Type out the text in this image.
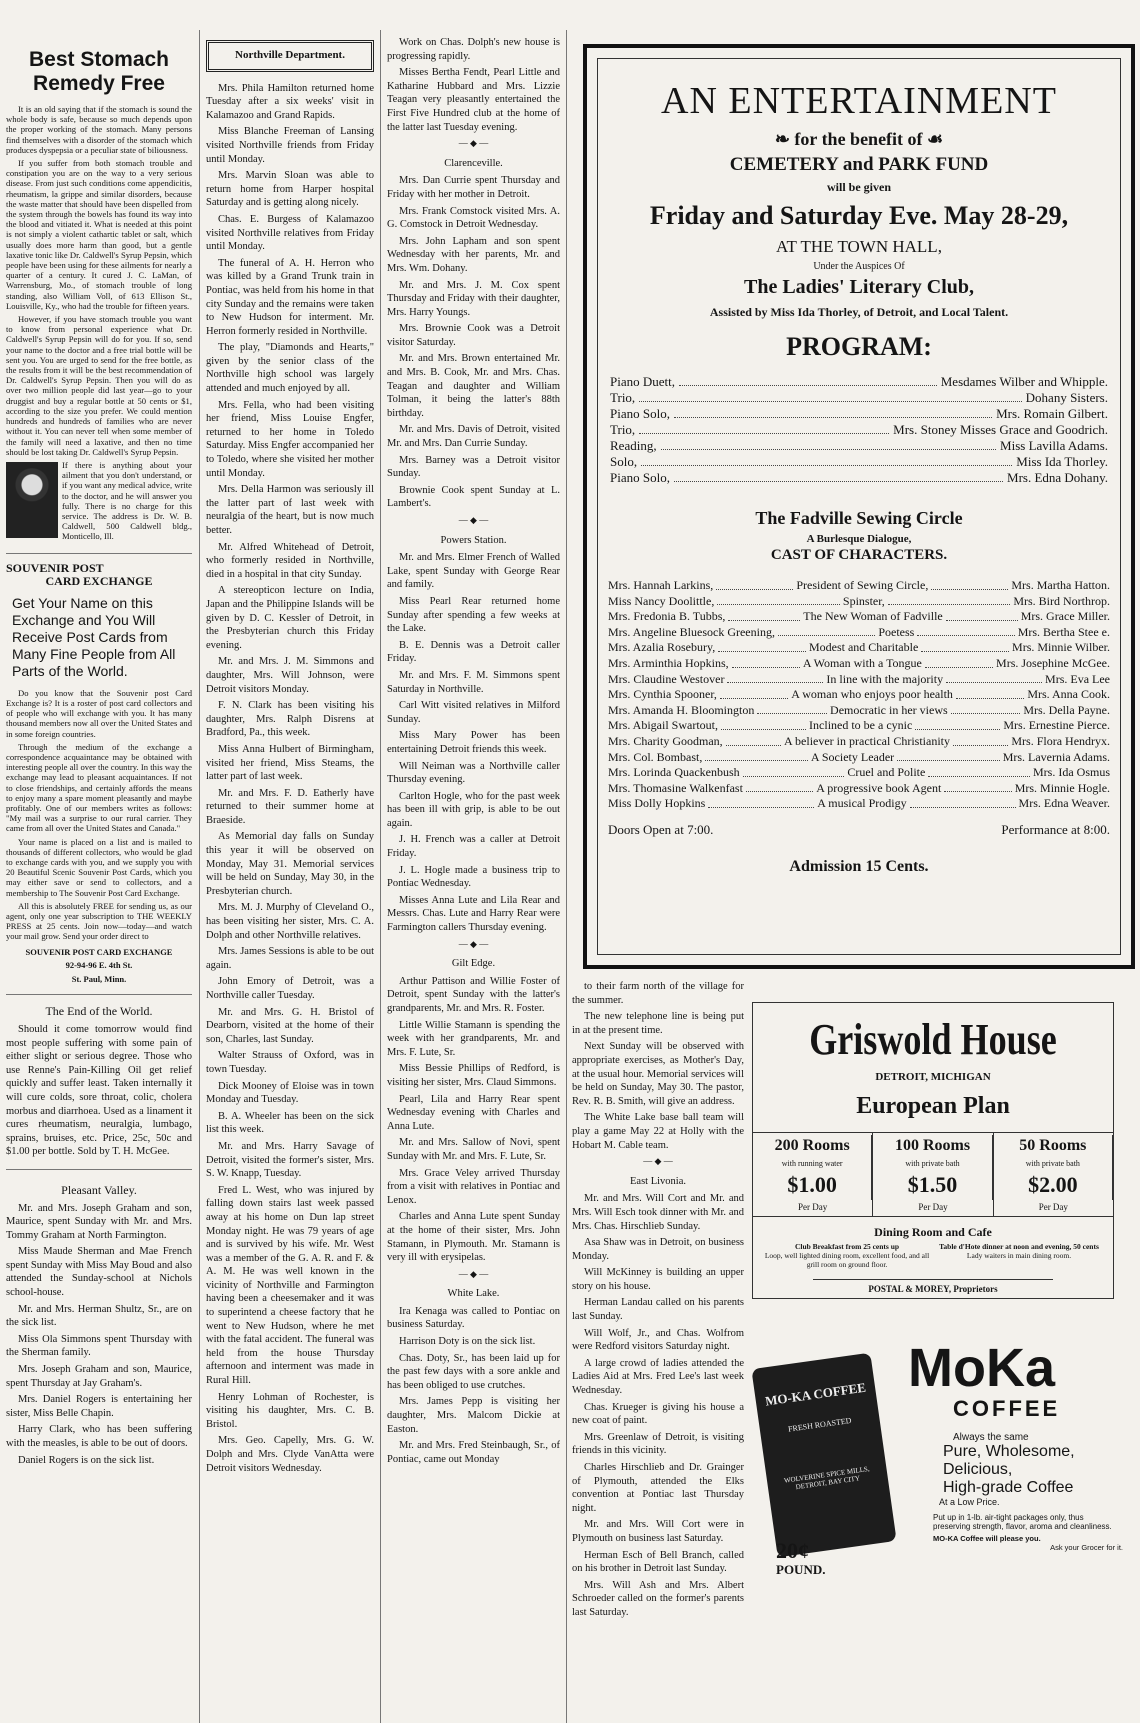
Best Stomach Remedy Free

It is an old saying that if the stomach is sound the whole body is safe, because so much depends upon the proper working of the stomach. Many persons find themselves with a disorder of the stomach which produces dyspepsia or a peculiar state of biliousness.

If you suffer from both stomach trouble and constipation you are on the way to a very serious disease. From just such conditions come appendicitis, rheumatism, la grippe and similar disorders, because the waste matter that should have been dispelled from the system through the bowels has found its way into the blood and vitiated it. What is needed at this point is not simply a violent cathartic tablet or salt, which usually does more harm than good, but a gentle laxative tonic like Dr. Caldwell's Syrup Pepsin, which people have been using for these ailments for nearly a quarter of a century. It cured J. C. LaMan, of Warrensburg, Mo., of stomach trouble of long standing, also William Voll, of 613 Ellison St., Louisville, Ky., who had the trouble for fifteen years.

However, if you have stomach trouble you want to know from personal experience what Dr. Caldwell's Syrup Pepsin will do for you. If so, send your name to the doctor and a free trial bottle will be sent you. You are urged to send for the free bottle, as the results from it will be the best recommendation of Dr. Caldwell's Syrup Pepsin. Then you will do as over two million people did last year—go to your druggist and buy a regular bottle at 50 cents or $1, according to the size you prefer. We could mention hundreds and hundreds of families who are never without it. You can never tell when some member of the family will need a laxative, and then no time should be lost taking Dr. Caldwell's Syrup Pepsin.

If there is anything about your ailment that you don't understand, or if you want any medical advice, write to the doctor, and he will answer you fully. There is no charge for this service. The address is Dr. W. B. Caldwell, 500 Caldwell bldg., Monticello, Ill.

SOUVENIR POST
CARD EXCHANGE
Get Your Name on this Exchange and You Will Receive Post Cards from Many Fine People from All Parts of the World.

Do you know that the Souvenir post Card Exchange is? It is a roster of post card collectors and of people who will exchange with you. It has many thousand members now all over the United States and in some foreign countries.

Through the medium of the exchange a correspondence acquaintance may be obtained with interesting people all over the country. In this way the exchange may lead to pleasant acquaintances. If not to close friendships, and certainly affords the means to enjoy many a spare moment pleasantly and maybe profitably. One of our members writes as follows: "My mail was a surprise to our rural carrier. They came from all over the United States and Canada."

Your name is placed on a list and is mailed to thousands of different collectors, who would be glad to exchange cards with you, and we supply you with 20 Beautiful Scenic Souvenir Post Cards, which you may either save or send to collectors, and a membership to The Souvenir Post Card Exchange.

All this is absolutely FREE for sending us, as our agent, only one year subscription to THE WEEKLY PRESS at 25 cents. Join now—today—and watch your mail grow. Send your order direct to

SOUVENIR POST CARD EXCHANGE
92-94-96 E. 4th St.
St. Paul, Minn.
The End of the World.

Should it come tomorrow would find most people suffering with some pain of either slight or serious degree. Those who use Renne's Pain-Killing Oil get relief quickly and suffer least. Taken internally it will cure colds, sore throat, colic, cholera morbus and diarrhoea. Used as a linament it cures rheumatism, neuralgia, lumbago, sprains, bruises, etc. Price, 25c, 50c and $1.00 per bottle. Sold by T. H. McGee.

Pleasant Valley.

Mr. and Mrs. Joseph Graham and son, Maurice, spent Sunday with Mr. and Mrs. Tommy Graham at North Farmington.

Miss Maude Sherman and Mae French spent Sunday with Miss May Boud and also attended the Sunday-school at Nichols school-house.

Mr. and Mrs. Herman Shultz, Sr., are on the sick list.

Miss Ola Simmons spent Thursday with the Sherman family.

Mrs. Joseph Graham and son, Maurice, spent Thursday at Jay Graham's.

Mrs. Daniel Rogers is entertaining her sister, Miss Belle Chapin.

Harry Clark, who has been suffering with the measles, is able to be out of doors.

Daniel Rogers is on the sick list.

Northville Department.

Mrs. Phila Hamilton returned home Tuesday after a six weeks' visit in Kalamazoo and Grand Rapids.

Miss Blanche Freeman of Lansing visited Northville friends from Friday until Monday.

Mrs. Marvin Sloan was able to return home from Harper hospital Saturday and is getting along nicely.

Chas. E. Burgess of Kalamazoo visited Northville relatives from Friday until Monday.

The funeral of A. H. Herron who was killed by a Grand Trunk train in Pontiac, was held from his home in that city Sunday and the remains were taken to New Hudson for interment. Mr. Herron formerly resided in Northville.

The play, "Diamonds and Hearts," given by the senior class of the Northville high school was largely attended and much enjoyed by all.

Mrs. Fella, who had been visiting her friend, Miss Louise Engfer, returned to her home in Toledo Saturday. Miss Engfer accompanied her to Toledo, where she visited her mother until Monday.

Mrs. Della Harmon was seriously ill the latter part of last week with neuralgia of the heart, but is now much better.

Mr. Alfred Whitehead of Detroit, who formerly resided in Northville, died in a hospital in that city Sunday.

A stereopticon lecture on India, Japan and the Philippine Islands will be given by D. C. Kessler of Detroit, in the Presbyterian church this Friday evening.

Mr. and Mrs. J. M. Simmons and daughter, Mrs. Will Johnson, were Detroit visitors Monday.

F. N. Clark has been visiting his daughter, Mrs. Ralph Disrens at Bradford, Pa., this week.

Miss Anna Hulbert of Birmingham, visited her friend, Miss Steams, the latter part of last week.

Mr. and Mrs. F. D. Eatherly have returned to their summer home at Braeside.

As Memorial day falls on Sunday this year it will be observed on Monday, May 31. Memorial services will be held on Sunday, May 30, in the Presbyterian church.

Mrs. M. J. Murphy of Cleveland O., has been visiting her sister, Mrs. C. A. Dolph and other Northville relatives.

Mrs. James Sessions is able to be out again.

John Emory of Detroit, was a Northville caller Tuesday.

Mr. and Mrs. G. H. Bristol of Dearborn, visited at the home of their son, Charles, last Sunday.

Walter Strauss of Oxford, was in town Tuesday.

Dick Mooney of Eloise was in town Monday and Tuesday.

B. A. Wheeler has been on the sick list this week.

Mr. and Mrs. Harry Savage of Detroit, visited the former's sister, Mrs. S. W. Knapp, Tuesday.

Fred L. West, who was injured by falling down stairs last week passed away at his home on Dun lap street Monday night. He was 79 years of age and is survived by his wife. Mr. West was a member of the G. A. R. and F. & A. M. He was well known in the vicinity of Northville and Farmington having been a cheesemaker and it was to superintend a cheese factory that he went to New Hudson, where he met with the fatal accident. The funeral was held from the house Thursday afternoon and interment was made in Rural Hill.

Henry Lohman of Rochester, is visiting his daughter, Mrs. C. B. Bristol.

Mrs. Geo. Capelly, Mrs. G. W. Dolph and Mrs. Clyde VanAtta were Detroit visitors Wednesday.

Work on Chas. Dolph's new house is progressing rapidly.

Misses Bertha Fendt, Pearl Little and Katharine Hubbard and Mrs. Lizzie Teagan very pleasantly entertained the First Five Hundred club at the home of the latter last Tuesday evening.

— ◆ —
Clarenceville.

Mrs. Dan Currie spent Thursday and Friday with her mother in Detroit.

Mrs. Frank Comstock visited Mrs. A. G. Comstock in Detroit Wednesday.

Mrs. John Lapham and son spent Wednesday with her parents, Mr. and Mrs. Wm. Dohany.

Mr. and Mrs. J. M. Cox spent Thursday and Friday with their daughter, Mrs. Harry Youngs.

Mrs. Brownie Cook was a Detroit visitor Saturday.

Mr. and Mrs. Brown entertained Mr. and Mrs. B. Cook, Mr. and Mrs. Chas. Teagan and daughter and William Tolman, it being the latter's 88th birthday.

Mr. and Mrs. Davis of Detroit, visited Mr. and Mrs. Dan Currie Sunday.

Mrs. Barney was a Detroit visitor Sunday.

Brownie Cook spent Sunday at L. Lambert's.

— ◆ —
Powers Station.

Mr. and Mrs. Elmer French of Walled Lake, spent Sunday with George Rear and family.

Miss Pearl Rear returned home Sunday after spending a few weeks at the Lake.

B. E. Dennis was a Detroit caller Friday.

Mr. and Mrs. F. M. Simmons spent Saturday in Northville.

Carl Witt visited relatives in Milford Sunday.

Miss Mary Power has been entertaining Detroit friends this week.

Will Neiman was a Northville caller Thursday evening.

Carlton Hogle, who for the past week has been ill with grip, is able to be out again.

J. H. French was a caller at Detroit Friday.

J. L. Hogle made a business trip to Pontiac Wednesday.

Misses Anna Lute and Lila Rear and Messrs. Chas. Lute and Harry Rear were Farmington callers Thursday evening.

— ◆ —
Gilt Edge.

Arthur Pattison and Willie Foster of Detroit, spent Sunday with the latter's grandparents, Mr. and Mrs. R. Foster.

Little Willie Stamann is spending the week with her grandparents, Mr. and Mrs. F. Lute, Sr.

Miss Bessie Phillips of Redford, is visiting her sister, Mrs. Claud Simmons.

Pearl, Lila and Harry Rear spent Wednesday evening with Charles and Anna Lute.

Mr. and Mrs. Sallow of Novi, spent Sunday with Mr. and Mrs. F. Lute, Sr.

Mrs. Grace Veley arrived Thursday from a visit with relatives in Pontiac and Lenox.

Charles and Anna Lute spent Sunday at the home of their sister, Mrs. John Stamann, in Plymouth. Mr. Stamann is very ill with erysipelas.

— ◆ —
White Lake.

Ira Kenaga was called to Pontiac on business Saturday.

Harrison Doty is on the sick list.

Chas. Doty, Sr., has been laid up for the past few days with a sore ankle and has been obliged to use crutches.

Mrs. James Pepp is visiting her daughter, Mrs. Malcom Dickie at Easton.

Mr. and Mrs. Fred Steinbaugh, Sr., of Pontiac, came out Monday

to their farm north of the village for the summer.

The new telephone line is being put in at the present time.

Next Sunday will be observed with appropriate exercises, as Mother's Day, at the usual hour. Memorial services will be held on Sunday, May 30. The pastor, Rev. R. B. Smith, will give an address.

The White Lake base ball team will play a game May 22 at Holly with the Hobart M. Cable team.

— ◆ —
East Livonia.

Mr. and Mrs. Will Cort and Mr. and Mrs. Will Esch took dinner with Mr. and Mrs. Chas. Hirschlieb Sunday.

Asa Shaw was in Detroit, on business Monday.

Will McKinney is building an upper story on his house.

Herman Landau called on his parents last Sunday.

Will Wolf, Jr., and Chas. Wolfrom were Redford visitors Saturday night.

A large crowd of ladies attended the Ladies Aid at Mrs. Fred Lee's last week Wednesday.

Chas. Krueger is giving his house a new coat of paint.

Mrs. Greenlaw of Detroit, is visiting friends in this vicinity.

Charles Hirschlieb and Dr. Grainger of Plymouth, attended the Elks convention at Pontiac last Thursday night.

Mr. and Mrs. Will Cort were in Plymouth on business last Saturday.

Herman Esch of Bell Branch, called on his brother in Detroit last Sunday.

Mrs. Will Ash and Mrs. Albert Schroeder called on the former's parents last Saturday.

AN ENTERTAINMENT
❧ for the benefit of ☙
CEMETERY and PARK FUND
will be given
Friday and Saturday Eve. May 28-29,
AT THE TOWN HALL,
Under the Auspices Of
The Ladies' Literary Club,
Assisted by Miss Ida Thorley, of Detroit, and Local Talent.
PROGRAM:
Piano Duett,	Mesdames Wilber and Whipple.
Trio,	Dohany Sisters.
Piano Solo,	Mrs. Romain Gilbert.
Trio,	Mrs. Stoney Misses Grace and Goodrich.
Reading,	Miss Lavilla Adams.
Solo,	Miss Ida Thorley.
Piano Solo,	Mrs. Edna Dohany.
The Fadville Sewing Circle
A Burlesque Dialogue,
CAST OF CHARACTERS.
Mrs. Hannah Larkins,	President of Sewing Circle,	Mrs. Martha Hatton.
Miss Nancy Doolittle,	Spinster,	Mrs. Bird Northrop.
Mrs. Fredonia B. Tubbs,	The New Woman of Fadville	Mrs. Grace Miller.
Mrs. Angeline Bluesock Greening,	Poetess	Mrs. Bertha Stee e.
Mrs. Azalia Rosebury,	Modest and Charitable	Mrs. Minnie Wilber.
Mrs. Arminthia Hopkins,	A Woman with a Tongue	Mrs. Josephine McGee.
Mrs. Claudine Westover	In line with the majority	Mrs. Eva Lee
Mrs. Cynthia Spooner,	A woman who enjoys poor health	Mrs. Anna Cook.
Mrs. Amanda H. Bloomington	Democratic in her views	Mrs. Della Payne.
Mrs. Abigail Swartout,	Inclined to be a cynic	Mrs. Ernestine Pierce.
Mrs. Charity Goodman,	A believer in practical Christianity	Mrs. Flora Hendryx.
Mrs. Col. Bombast,	A Society Leader	Mrs. Lavernia Adams.
Mrs. Lorinda Quackenbush	Cruel and Polite	Mrs. Ida Osmus
Mrs. Thomasine Walkenfast	A progressive book Agent	Mrs. Minnie Hogle.
Miss Dolly Hopkins	A musical Prodigy	Mrs. Edna Weaver.
Doors Open at 7:00.	Performance at 8:00.
Admission 15 Cents.
Griswold House
DETROIT, MICHIGAN
European Plan
200 Rooms
with running water
$1.00
Per Day
100 Rooms
with private bath
$1.50
Per Day
50 Rooms
with private bath
$2.00
Per Day
Dining Room and Cafe
Club Breakfast from 25 cents up
Loop, well lighted dining room, excellent food, and all grill room on ground floor.
Table d'Hote dinner at noon and evening, 50 cents
Lady waiters in main dining room.
POSTAL & MOREY, Proprietors
MO-KA COFFEE
FRESH ROASTED
WOLVERINE SPICE MILLS, DETROIT, BAY CITY
MoKa
COFFEE
Always the same
Pure, Wholesome,
Delicious,
High-grade Coffee
At a Low Price.
Put up in 1-lb. air-tight packages only, thus preserving strength, flavor, aroma and cleanliness.
MO-KA Coffee will please you.
Ask your Grocer for it.
20¢
POUND.
